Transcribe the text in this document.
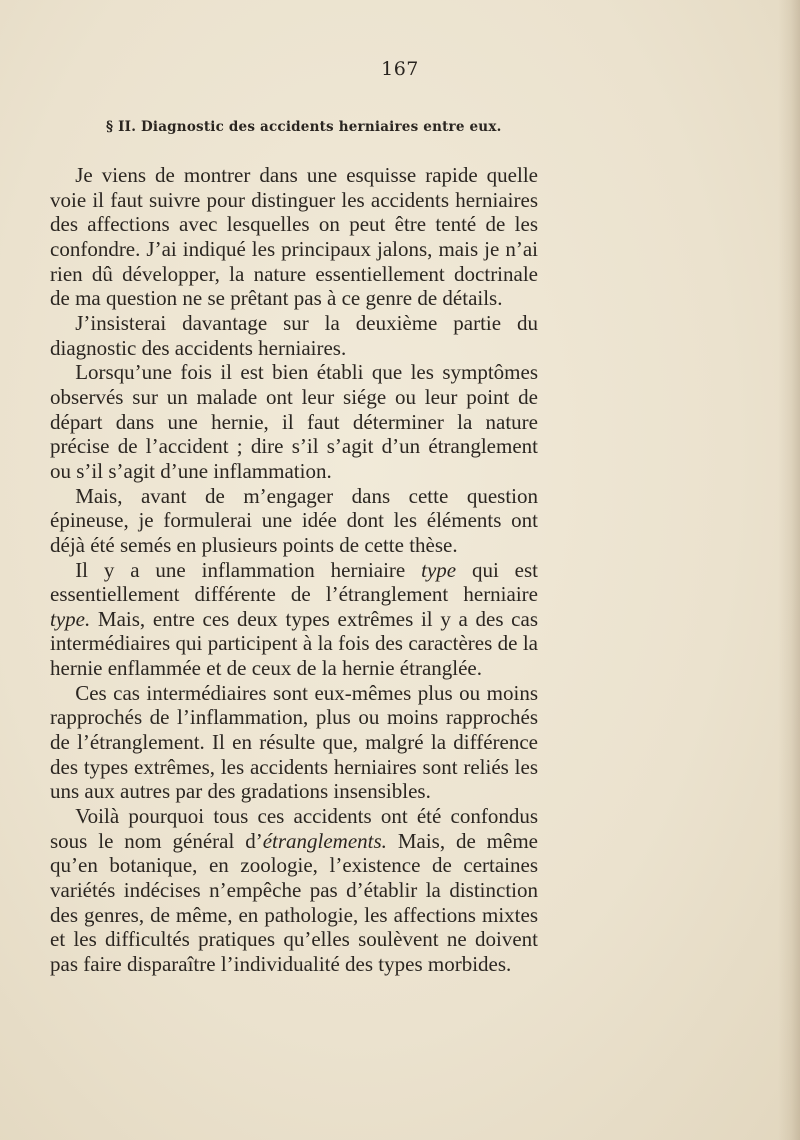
167
§ II. Diagnostic des accidents herniaires entre eux.

Je viens de montrer dans une esquisse rapide quelle voie il faut suivre pour distinguer les accidents herniaires des affections avec lesquelles on peut être tenté de les confondre. J’ai indiqué les principaux jalons, mais je n’ai rien dû développer, la nature essentiellement doctrinale de ma question ne se prêtant pas à ce genre de détails.

J’insisterai davantage sur la deuxième partie du diagnostic des accidents herniaires.

Lorsqu’une fois il est bien établi que les symptômes observés sur un malade ont leur siége ou leur point de départ dans une hernie, il faut déterminer la nature précise de l’accident ; dire s’il s’agit d’un étranglement ou s’il s’agit d’une inflammation.

Mais, avant de m’engager dans cette question épineuse, je formulerai une idée dont les éléments ont déjà été semés en plusieurs points de cette thèse.

Il y a une inflammation herniaire type qui est essentiellement différente de l’étranglement herniaire type. Mais, entre ces deux types extrêmes il y a des cas intermédiaires qui participent à la fois des caractères de la hernie enflammée et de ceux de la hernie étranglée.

Ces cas intermédiaires sont eux-mêmes plus ou moins rapprochés de l’inflammation, plus ou moins rapprochés de l’étranglement. Il en résulte que, malgré la différence des types extrêmes, les accidents herniaires sont reliés les uns aux autres par des gradations insensibles.

Voilà pourquoi tous ces accidents ont été confondus sous le nom général d’étranglements. Mais, de même qu’en botanique, en zoologie, l’existence de certaines variétés indécises n’empêche pas d’établir la distinction des genres, de même, en pathologie, les affections mixtes et les difficultés pratiques qu’elles soulèvent ne doivent pas faire disparaître l’individualité des types morbides.
